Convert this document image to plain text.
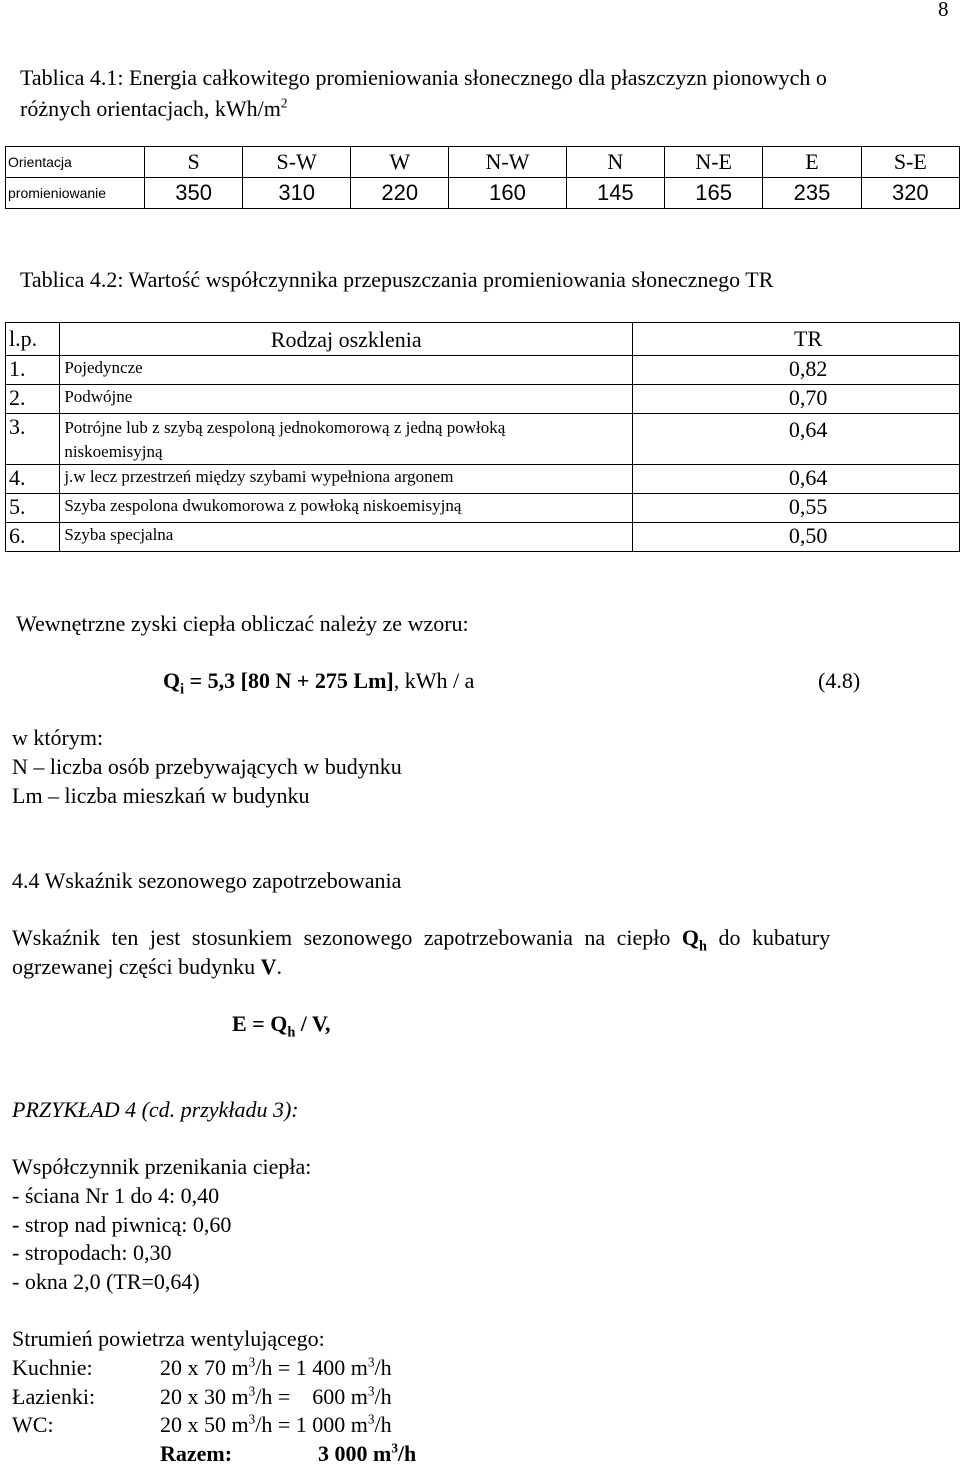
8
Tablica 4.1: Energia całkowitego promieniowania słonecznego dla płaszczyzn pionowych o
różnych orientacjach, kWh/$m^2$
Orientacja	S	S-W	W	N-W	N	N-E	E	S-E
promieniowanie	350	310	220	160	145	165	235	320
Tablica 4.2: Wartość współczynnika przepuszczania promieniowania słonecznego TR
l.p.	Rodzaj oszklenia	TR
1.	Pojedyncze	0,82
2.	Podwójne	0,70
3.	Potrójne lub z szybą zespoloną jednokomorową z jedną powłoką
niskoemisyjną	0,64
4.	j.w lecz przestrzeń między szybami wypełniona argonem	0,64
5.	Szyba zespolona dwukomorowa z powłoką niskoemisyjną	0,55
6.	Szyba specjalna	0,50
Wewnętrzne zyski ciepła obliczać należy ze wzoru:
$Q_i = 5,3$ [80 N + 275 Lm], kWh / a	(4.8)
w którym:
N – liczba osób przebywających w budynku
Lm – liczba mieszkań w budynku
4.4 Wskaźnik sezonowego zapotrzebowania
Wskaźnik ten jest stosunkiem sezonowego zapotrzebowania na ciepło $Q_h$ do kubatury
ogrzewanej części budynku V.
$E = Q_h / V$,
PRZYKŁAD 4 (cd. przykładu 3):
Współczynnik przenikania ciepła:
- ściana Nr 1 do 4: 0,40
- strop nad piwnicą: 0,60
- stropodach: 0,30
- okna 2,0 (TR=0,64)
Strumień powietrza wentylującego:
Kuchnie:	20 x 70 $m^3/h = 1$ 400 $m^3/h$
Łazienki:	20 x 30 $m^3/h$ =    600 $m^3/h$
WC:	20 x 50 $m^3/h = 1$ 000 $m^3/h$
Razem:	3 000 $m^3/h$
